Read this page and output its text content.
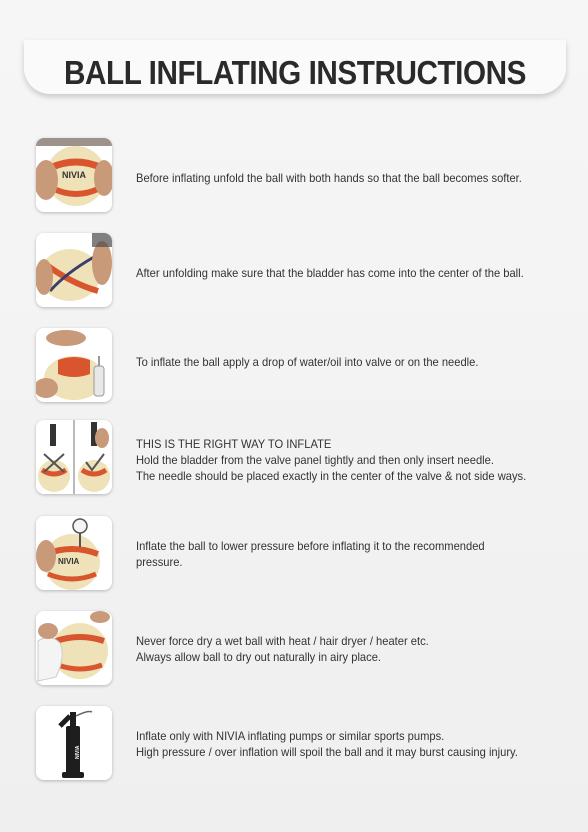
BALL INFLATING INSTRUCTIONS
NIVIA	Before inflating unfold the ball with both hands so that the ball becomes softer.
After unfolding make sure that the bladder has come into the center of the ball.
To inflate the ball apply a drop of water/oil into valve or on the needle.
THIS IS THE RIGHT WAY TO INFLATE
Hold the bladder from the valve panel tightly and then only insert needle.
The needle should be placed exactly in the center of the valve & not side ways.
NIVIA
Inflate the ball to lower pressure before inflating it to the recommended
pressure.
Never force dry a wet ball with heat / hair dryer / heater etc.
Always allow ball to dry out naturally in airy place.
NIVIA
Inflate only with NIVIA inflating pumps or similar sports pumps.
High pressure / over inflation will spoil the ball and it may burst causing injury.
